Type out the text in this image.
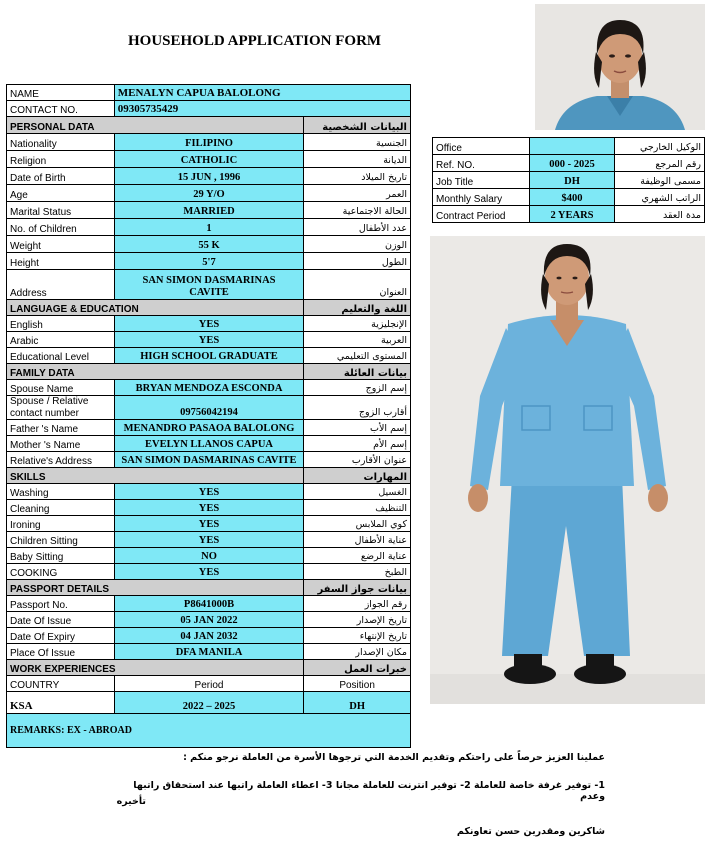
HOUSEHOLD APPLICATION FORM
NAME	MENALYN CAPUA BALOLONG	
CONTACT NO.	09305735429	
PERSONAL DATA		البيانات الشخصية
Nationality	FILIPINO	الجنسية
Religion	CATHOLIC	الديانة
Date of Birth	15 JUN , 1996	تاريخ الميلاد
Age	29 Y/O	العمر
Marital Status	MARRIED	الحالة الاجتماعية
No. of Children	1	عدد الأطفال
Weight	55 K	الوزن
Height	5'7	الطول
Address	SAN SIMON DASMARINAS
CAVITE	العنوان
LANGUAGE & EDUCATION		اللغة والتعليم
English	YES	الإنجليزية
Arabic	YES	العربية
Educational Level	HIGH SCHOOL GRADUATE	المستوى التعليمي
FAMILY DATA		بيانات العائلة
Spouse Name	BRYAN MENDOZA ESCONDA	إسم الزوج
Spouse / Relative contact number	09756042194	أقارب الزوج
Father 's Name	MENANDRO PASAOA BALOLONG	إسم الأب
Mother 's Name	EVELYN LLANOS CAPUA	إسم الأم
Relative's Address	SAN SIMON DASMARINAS CAVITE	عنوان الأقارب
SKILLS		المهارات
Washing	YES	الغسيل
Cleaning	YES	التنظيف
Ironing	YES	كوي الملابس
Children Sitting	YES	عناية الأطفال
Baby Sitting	NO	عناية الرضع
COOKING	YES	الطبخ
PASSPORT DETAILS		بيانات جواز السفر
Passport No.	P8641000B	رقم الجواز
Date Of Issue	05 JAN 2022	تاريخ الإصدار
Date Of Expiry	04 JAN 2032	تاريخ الإنتهاء
Place Of Issue	DFA MANILA	مكان الإصدار
WORK EXPERIENCES		خبرات العمل
COUNTRY	Period	Position
KSA	2022 – 2025	DH
REMARKS: EX - ABROAD		
Office		الوكيل الخارجي
Ref. NO.	000 - 2025	رقم المرجع
Job Title	DH	مسمى الوظيفة
Monthly Salary	$400	الراتب الشهري
Contract Period	2 YEARS	مدة العقد
عملينا العزيز حرصاً على راحتكم وتقديم الخدمة التي ترجوها الأسرة من العاملة نرجو منكم :
1- توفير غرفة خاصة للعاملة 2- توفير انترنت للعاملة مجانا 3- اعطاء العاملة راتبها عند استحقاق راتبها وعدم
تأخيره
شاكرين ومقدرين حسن تعاونكم
